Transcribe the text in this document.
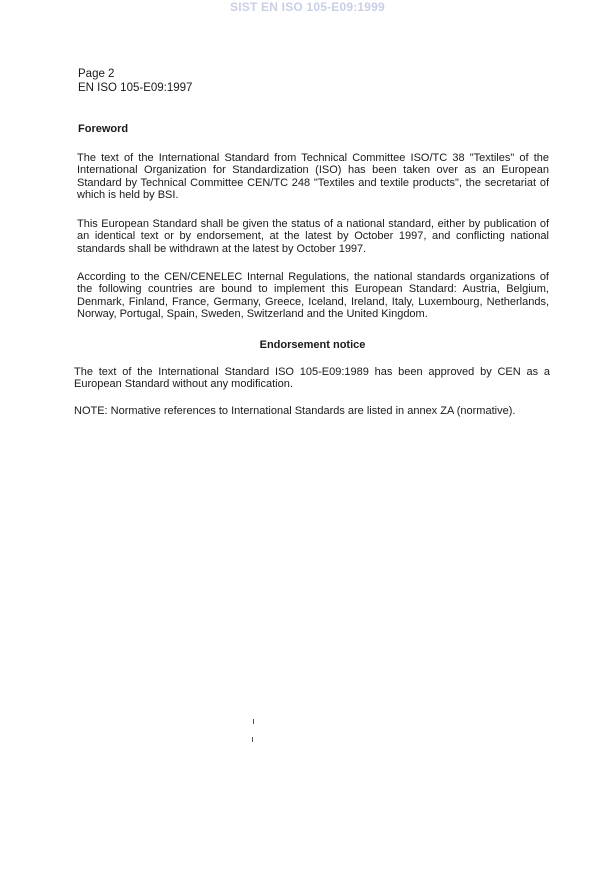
SIST EN ISO 105-E09:1999
Page 2
EN ISO 105-E09:1997
Foreword
The text of the International Standard from Technical Committee ISO/TC 38 "Textiles" of the International Organization for Standardization (ISO) has been taken over as an European Standard by Technical Committee CEN/TC 248 "Textiles and textile products", the secretariat of which is held by BSI.
This European Standard shall be given the status of a national standard, either by publication of an identical text or by endorsement, at the latest by October 1997, and conflicting national standards shall be withdrawn at the latest by October 1997.
According to the CEN/CENELEC Internal Regulations, the national standards organizations of the following countries are bound to implement this European Standard: Austria, Belgium, Denmark, Finland, France, Germany, Greece, Iceland, Ireland, Italy, Luxembourg, Netherlands, Norway, Portugal, Spain, Sweden, Switzerland and the United Kingdom.
Endorsement notice
The text of the International Standard ISO 105-E09:1989 has been approved by CEN as a European Standard without any modification.
NOTE: Normative references to International Standards are listed in annex ZA (normative).
